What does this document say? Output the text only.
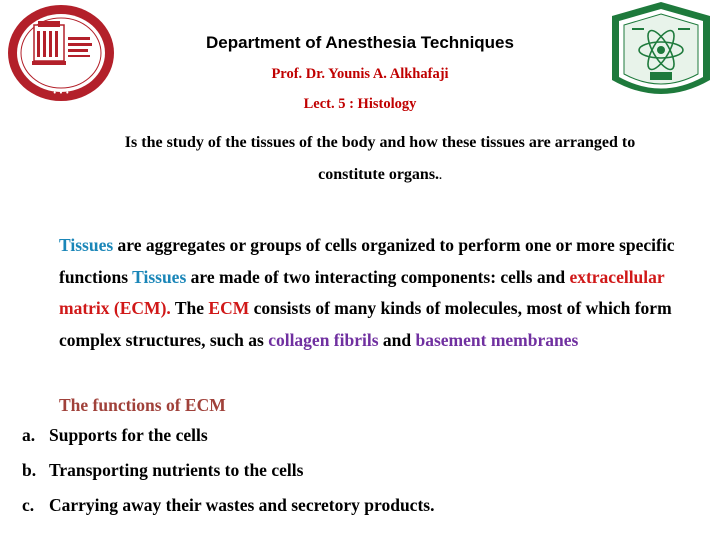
• • •
Department of Anesthesia Techniques
Prof. Dr. Younis A. Alkhafaji
Lect. 5 : Histology
Is the study of the tissues of the body and how these tissues are arranged to
constitute organs..
Tissues are aggregates or groups of cells organized to perform one or more specific functions Tissues are made of two interacting components: cells and extracellular matrix (ECM). The ECM consists of many kinds of molecules, most of which form complex structures, such as collagen fibrils and basement membranes
The functions of ECM
a. Supports for the cells
b. Transporting nutrients to the cells
c. Carrying away their wastes and secretory products.
